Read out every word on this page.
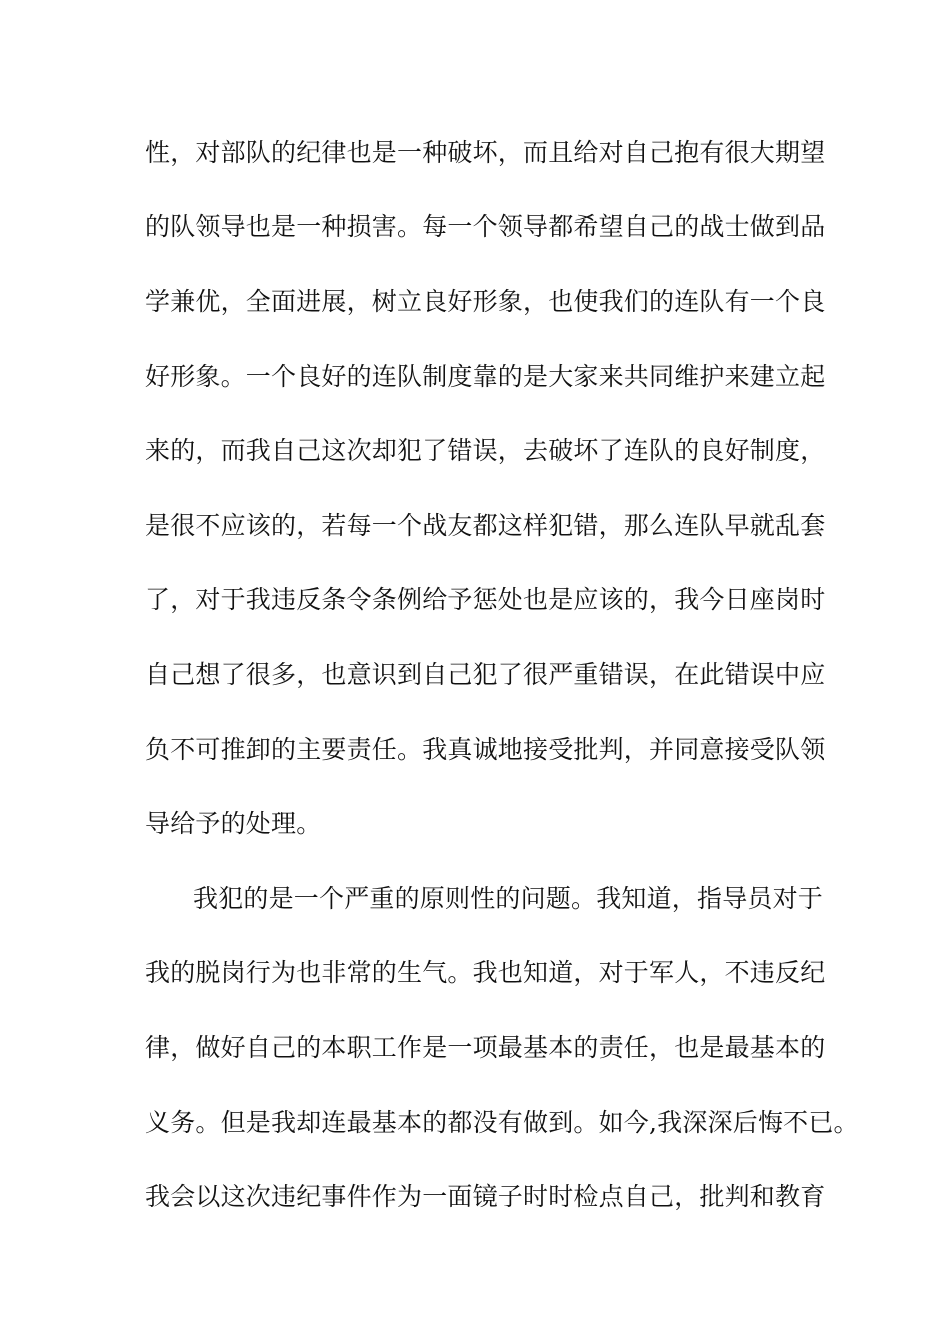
性，对部队的纪律也是一种破坏，而且给对自己抱有很大期望
的队领导也是一种损害。每一个领导都希望自己的战士做到品
学兼优，全面进展，树立良好形象，也使我们的连队有一个良
好形象。一个良好的连队制度靠的是大家来共同维护来建立起
来的，而我自己这次却犯了错误，去破坏了连队的良好制度，
是很不应该的，若每一个战友都这样犯错，那么连队早就乱套
了，对于我违反条令条例给予惩处也是应该的，我今日座岗时
自己想了很多，也意识到自己犯了很严重错误，在此错误中应
负不可推卸的主要责任。我真诚地接受批判，并同意接受队领
导给予的处理。
我犯的是一个严重的原则性的问题。我知道，指导员对于
我的脱岗行为也非常的生气。我也知道，对于军人，不违反纪
律，做好自己的本职工作是一项最基本的责任，也是最基本的
义务。但是我却连最基本的都没有做到。如今,我深深后悔不已。
我会以这次违纪事件作为一面镜子时时检点自己，批判和教育
